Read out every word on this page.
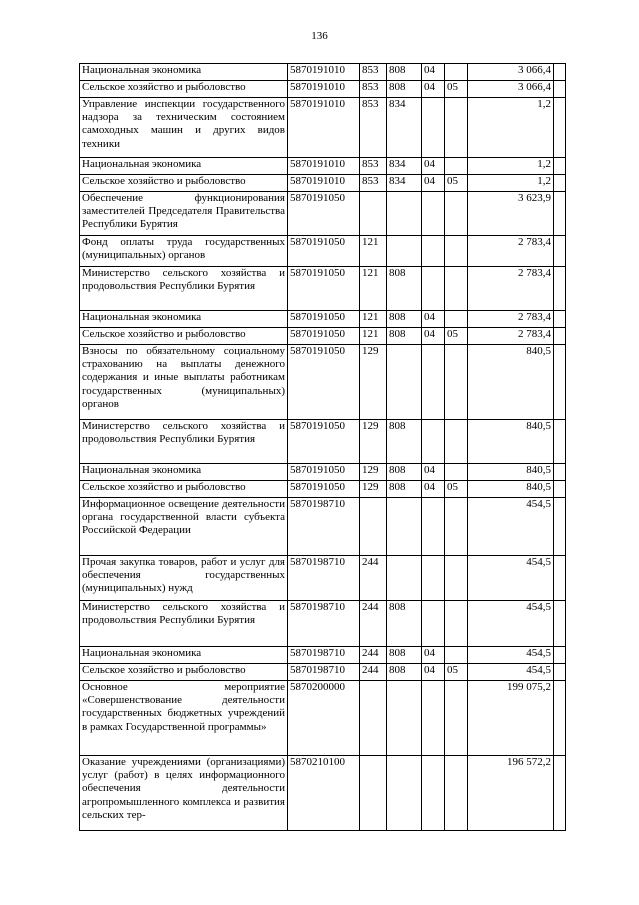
136
Национальная экономика	5870191010	853	808	04		3 066,4	
Сельское хозяйство и рыболовство	5870191010	853	808	04	05	3 066,4	
Управление инспекции государственного надзора за техническим состоянием самоходных машин и других видов техники	5870191010	853	834			1,2	
Национальная экономика	5870191010	853	834	04		1,2	
Сельское хозяйство и рыболовство	5870191010	853	834	04	05	1,2	
Обеспечение функционирования заместителей Председателя Правительства Республики Бурятия	5870191050					3 623,9	
Фонд оплаты труда государственных (муниципальных) органов	5870191050	121				2 783,4	
Министерство сельского хозяйства и продовольствия Республики Бурятия	5870191050	121	808			2 783,4	
Национальная экономика	5870191050	121	808	04		2 783,4	
Сельское хозяйство и рыболовство	5870191050	121	808	04	05	2 783,4	
Взносы по обязательному социальному страхованию на выплаты денежного содержания и иные выплаты работникам государственных (муниципальных) органов	5870191050	129				840,5	
Министерство сельского хозяйства и продовольствия Республики Бурятия	5870191050	129	808			840,5	
Национальная экономика	5870191050	129	808	04		840,5	
Сельское хозяйство и рыболовство	5870191050	129	808	04	05	840,5	
Информационное освещение деятельности органа государственной власти субъекта Российской Федерации	5870198710					454,5	
Прочая закупка товаров, работ и услуг для обеспечения государственных (муниципальных) нужд	5870198710	244				454,5	
Министерство сельского хозяйства и продовольствия Республики Бурятия	5870198710	244	808			454,5	
Национальная экономика	5870198710	244	808	04		454,5	
Сельское хозяйство и рыболовство	5870198710	244	808	04	05	454,5	
Основное мероприятие «Совершенствование деятельности государственных бюджетных учреждений в рамках Государственной программы»	5870200000					199 075,2	
Оказание учреждениями (организациями) услуг (работ) в целях информационного обеспечения деятельности агропромышленного комплекса и развития сельских тер-	5870210100					196 572,2	
